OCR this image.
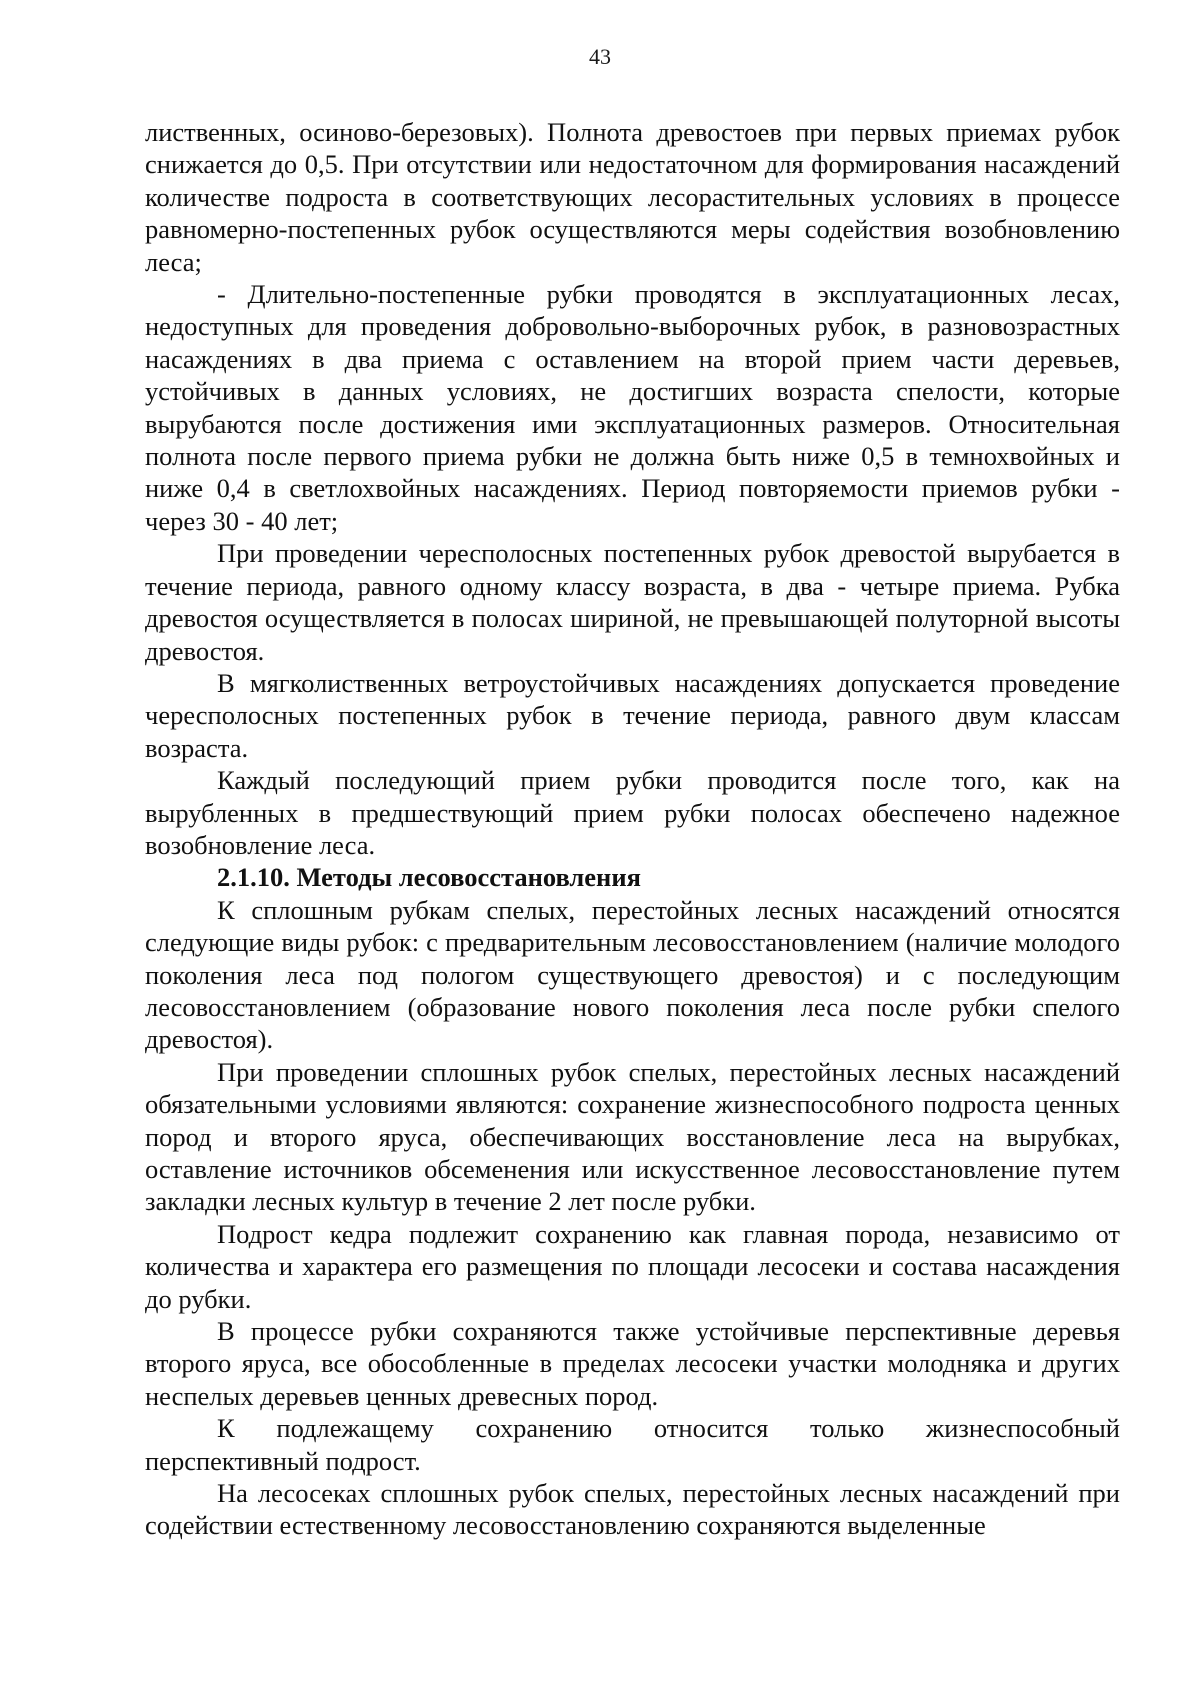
43

лиственных, осиново-березовых). Полнота древостоев при первых приемах рубок снижается до 0,5. При отсутствии или недостаточном для формирования насаждений количестве подроста в соответствующих лесорастительных условиях в процессе равномерно-постепенных рубок осуществляются меры содействия возобновлению леса;

- Длительно-постепенные рубки проводятся в эксплуатационных лесах, недоступных для проведения добровольно-выборочных рубок, в разновозрастных насаждениях в два приема с оставлением на второй прием части деревьев, устойчивых в данных условиях, не достигших возраста спелости, которые вырубаются после достижения ими эксплуатационных размеров. Относительная полнота после первого приема рубки не должна быть ниже 0,5 в темнохвойных и ниже 0,4 в светлохвойных насаждениях. Период повторяемости приемов рубки - через 30 - 40 лет;

При проведении чересполосных постепенных рубок древостой вырубается в течение периода, равного одному классу возраста, в два - четыре приема. Рубка древостоя осуществляется в полосах шириной, не превышающей полуторной высоты древостоя.

В мягколиственных ветроустойчивых насаждениях допускается проведение чересполосных постепенных рубок в течение периода, равного двум классам возраста.

Каждый последующий прием рубки проводится после того, как на вырубленных в предшествующий прием рубки полосах обеспечено надежное возобновление леса.

2.1.10. Методы лесовосстановления

К сплошным рубкам спелых, перестойных лесных насаждений относятся следующие виды рубок: с предварительным лесовосстановлением (наличие молодого поколения леса под пологом существующего древостоя) и с последующим лесовосстановлением (образование нового поколения леса после рубки спелого древостоя).

При проведении сплошных рубок спелых, перестойных лесных насаждений обязательными условиями являются: сохранение жизнеспособного подроста ценных пород и второго яруса, обеспечивающих восстановление леса на вырубках, оставление источников обсеменения или искусственное лесовосстановление путем закладки лесных культур в течение 2 лет после рубки.

Подрост кедра подлежит сохранению как главная порода, независимо от количества и характера его размещения по площади лесосеки и состава насаждения до рубки.

В процессе рубки сохраняются также устойчивые перспективные деревья второго яруса, все обособленные в пределах лесосеки участки молодняка и других неспелых деревьев ценных древесных пород.

К подлежащему сохранению относится только жизнеспособный перспективный подрост.

На лесосеках сплошных рубок спелых, перестойных лесных насаждений при содействии естественному лесовосстановлению сохраняются выделенные
